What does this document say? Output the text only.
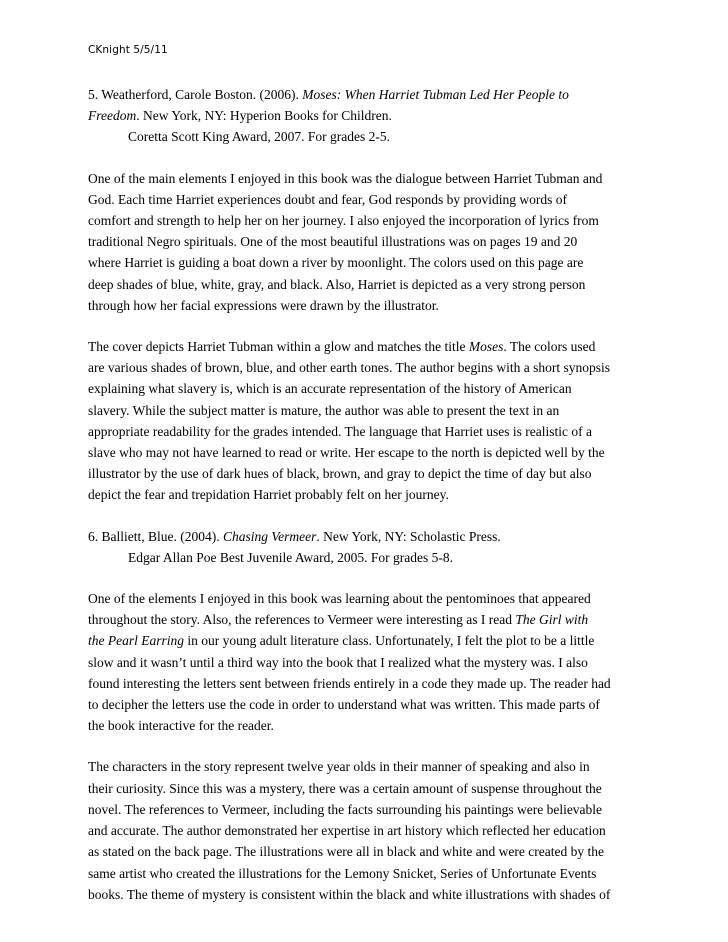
CKnight 5/5/11

5. Weatherford, Carole Boston. (2006). Moses: When Harriet Tubman Led Her People to

Freedom. New York, NY: Hyperion Books for Children.

Coretta Scott King Award, 2007. For grades 2-5.

One of the main elements I enjoyed in this book was the dialogue between Harriet Tubman and

God. Each time Harriet experiences doubt and fear, God responds by providing words of

comfort and strength to help her on her journey. I also enjoyed the incorporation of lyrics from

traditional Negro spirituals. One of the most beautiful illustrations was on pages 19 and 20

where Harriet is guiding a boat down a river by moonlight. The colors used on this page are

deep shades of blue, white, gray, and black. Also, Harriet is depicted as a very strong person

through how her facial expressions were drawn by the illustrator.

The cover depicts Harriet Tubman within a glow and matches the title Moses. The colors used

are various shades of brown, blue, and other earth tones. The author begins with a short synopsis

explaining what slavery is, which is an accurate representation of the history of American

slavery. While the subject matter is mature, the author was able to present the text in an

appropriate readability for the grades intended. The language that Harriet uses is realistic of a

slave who may not have learned to read or write. Her escape to the north is depicted well by the

illustrator by the use of dark hues of black, brown, and gray to depict the time of day but also

depict the fear and trepidation Harriet probably felt on her journey.

6. Balliett, Blue. (2004). Chasing Vermeer. New York, NY: Scholastic Press.

Edgar Allan Poe Best Juvenile Award, 2005. For grades 5-8.

One of the elements I enjoyed in this book was learning about the pentominoes that appeared

throughout the story. Also, the references to Vermeer were interesting as I read The Girl with

the Pearl Earring in our young adult literature class. Unfortunately, I felt the plot to be a little

slow and it wasn’t until a third way into the book that I realized what the mystery was. I also

found interesting the letters sent between friends entirely in a code they made up. The reader had

to decipher the letters use the code in order to understand what was written. This made parts of

the book interactive for the reader.

The characters in the story represent twelve year olds in their manner of speaking and also in

their curiosity. Since this was a mystery, there was a certain amount of suspense throughout the

novel. The references to Vermeer, including the facts surrounding his paintings were believable

and accurate. The author demonstrated her expertise in art history which reflected her education

as stated on the back page. The illustrations were all in black and white and were created by the

same artist who created the illustrations for the Lemony Snicket, Series of Unfortunate Events

books. The theme of mystery is consistent within the black and white illustrations with shades of
